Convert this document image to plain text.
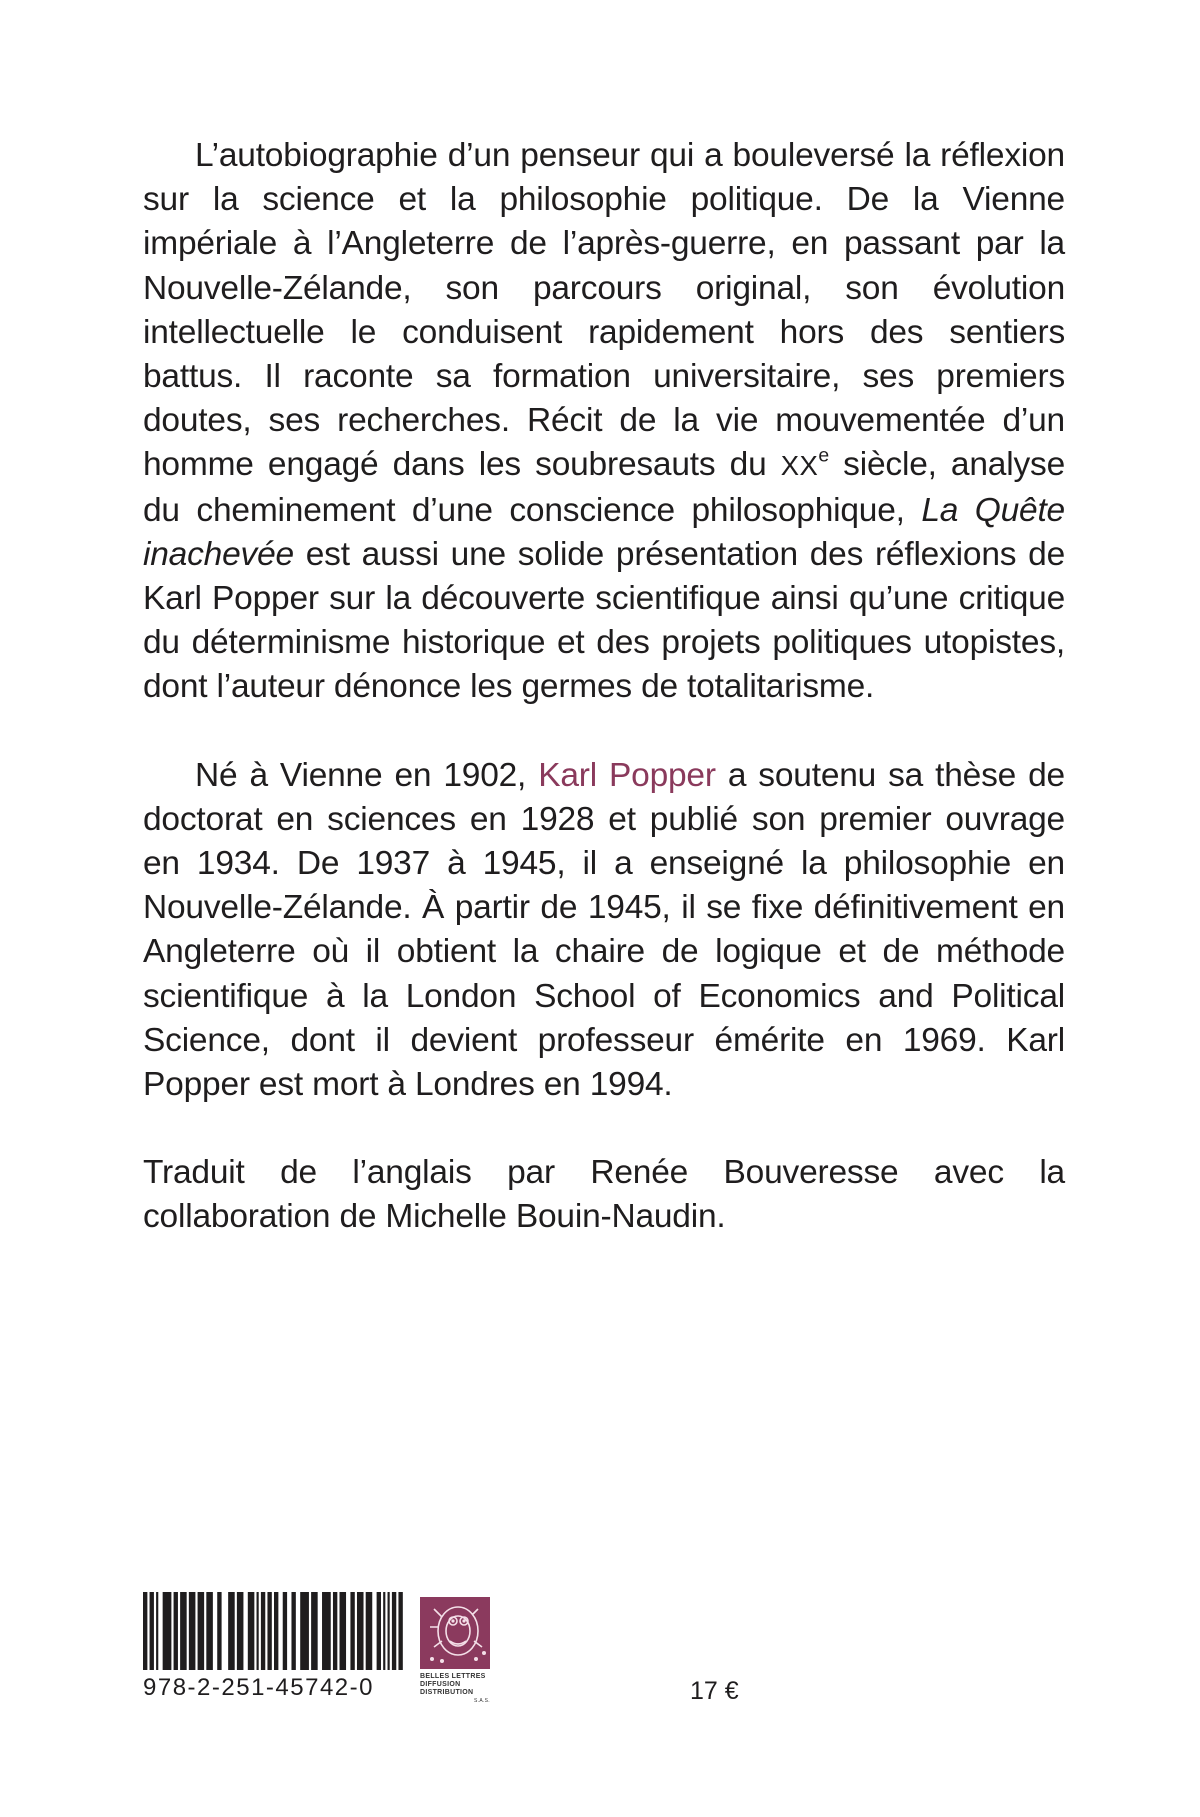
L’autobiographie d’un penseur qui a bouleversé la réflexion sur la science et la philosophie politique. De la Vienne impériale à l’Angleterre de l’après-guerre, en passant par la Nouvelle-Zélande, son parcours original, son évolution intellectuelle le conduisent rapidement hors des sentiers battus. Il raconte sa formation universitaire, ses premiers doutes, ses recherches. Récit de la vie mouvementée d’un homme engagé dans les soubresauts du XXe siècle, analyse du cheminement d’une conscience philosophique, La Quête inachevée est aussi une solide présentation des réflexions de Karl Popper sur la découverte scientifique ainsi qu’une critique du déterminisme historique et des projets politiques utopistes, dont l’auteur dénonce les germes de totalitarisme.

Né à Vienne en 1902, Karl Popper a soutenu sa thèse de doctorat en sciences en 1928 et publié son premier ouvrage en 1934. De 1937 à 1945, il a enseigné la philosophie en Nouvelle-Zélande. À partir de 1945, il se fixe définitivement en Angleterre où il obtient la chaire de logique et de méthode scientifique à la London School of Economics and Political Science, dont il devient professeur émérite en 1969. Karl Popper est mort à Londres en 1994.

Traduit de l’anglais par Renée Bouveresse avec la collaboration de Michelle Bouin-Naudin.

978-2-251-45742-0	BELLES LETTRES
DIFFUSION
DISTRIBUTION
S.A.S.	17 €
